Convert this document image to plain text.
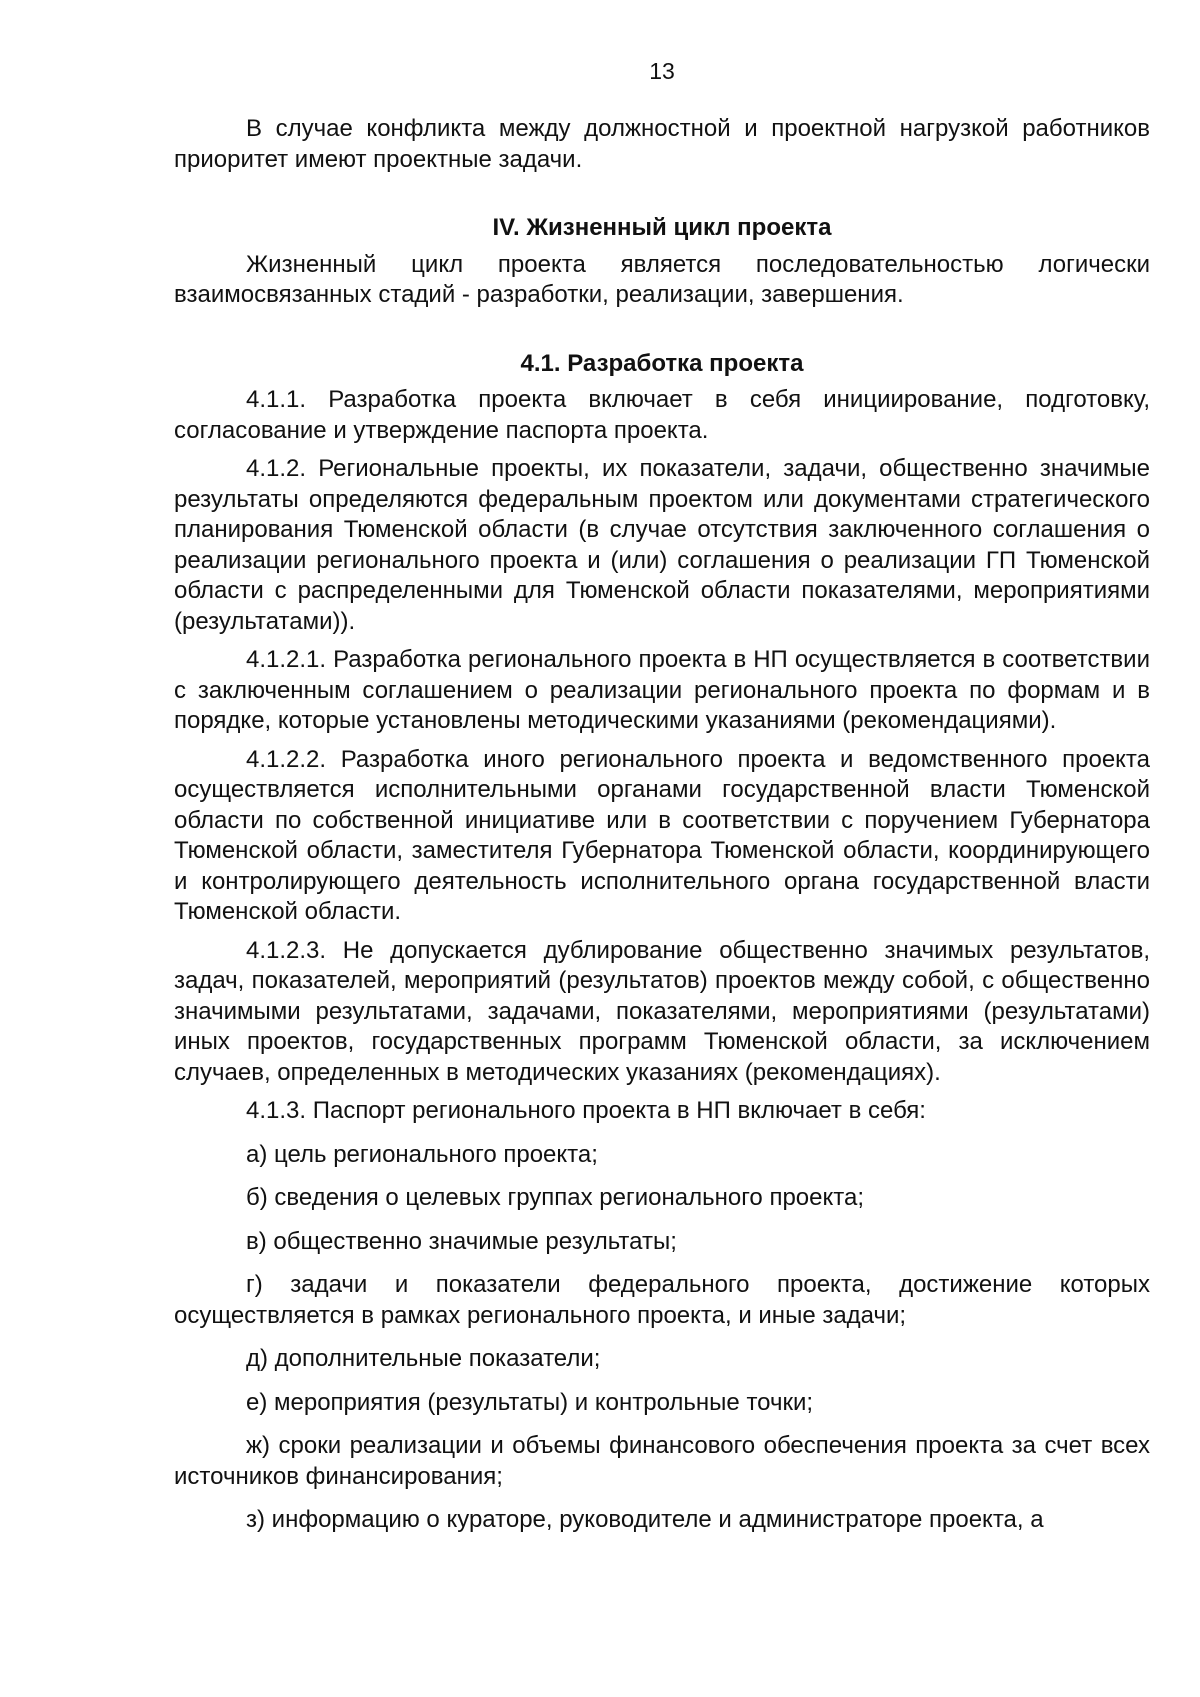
13

В случае конфликта между должностной и проектной нагрузкой работников приоритет имеют проектные задачи.

IV. Жизненный цикл проекта

Жизненный цикл проекта является последовательностью логически взаимосвязанных стадий - разработки, реализации, завершения.

4.1. Разработка проекта

4.1.1. Разработка проекта включает в себя инициирование, подготовку, согласование и утверждение паспорта проекта.

4.1.2. Региональные проекты, их показатели, задачи, общественно значимые результаты определяются федеральным проектом или документами стратегического планирования Тюменской области (в случае отсутствия заключенного соглашения о реализации регионального проекта и (или) соглашения о реализации ГП Тюменской области с распределенными для Тюменской области показателями, мероприятиями (результатами)).

4.1.2.1. Разработка регионального проекта в НП осуществляется в соответствии с заключенным соглашением о реализации регионального проекта по формам и в порядке, которые установлены методическими указаниями (рекомендациями).

4.1.2.2. Разработка иного регионального проекта и ведомственного проекта осуществляется исполнительными органами государственной власти Тюменской области по собственной инициативе или в соответствии с поручением Губернатора Тюменской области, заместителя Губернатора Тюменской области, координирующего и контролирующего деятельность исполнительного органа государственной власти Тюменской области.

4.1.2.3. Не допускается дублирование общественно значимых результатов, задач, показателей, мероприятий (результатов) проектов между собой, с общественно значимыми результатами, задачами, показателями, мероприятиями (результатами) иных проектов, государственных программ Тюменской области, за исключением случаев, определенных в методических указаниях (рекомендациях).

4.1.3. Паспорт регионального проекта в НП включает в себя:

а) цель регионального проекта;

б) сведения о целевых группах регионального проекта;

в) общественно значимые результаты;

г) задачи и показатели федерального проекта, достижение которых осуществляется в рамках регионального проекта, и иные задачи;

д) дополнительные показатели;

е) мероприятия (результаты) и контрольные точки;

ж) сроки реализации и объемы финансового обеспечения проекта за счет всех источников финансирования;

з) информацию о кураторе, руководителе и администраторе проекта, а
